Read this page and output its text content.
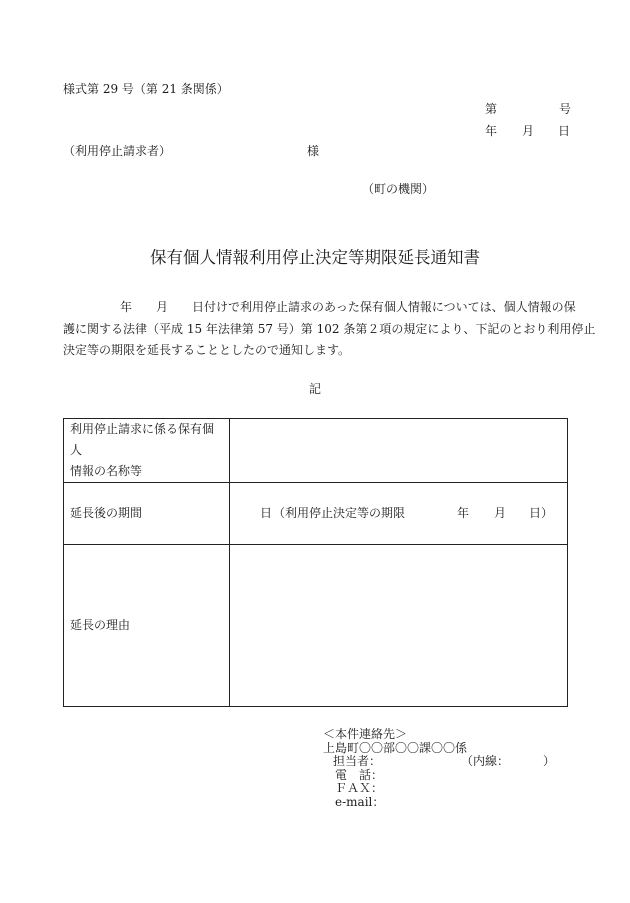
様式第 29 号（第 21 条関係）
第	号
年 月 日
（利用停止請求者）	様
（町の機関）
保有個人情報利用停止決定等期限延長通知書
年 月 日付けで利用停止請求のあった保有個人情報については、個人情報の保
護に関する法律（平成 15 年法律第 57 号）第 102 条第２項の規定により、下記のとおり利用停止
決定等の期限を延長することとしたので通知します。
記
利用停止請求に係る保有個人
情報の名称等	

延長後の期間	日 （利用停止決定等の期限 年 月 日）

延長の理由	
＜本件連絡先＞
上島町〇〇部〇〇課〇〇係
担当者：	（内線：	）
電　話：
ＦＡＸ：
e-mail：
